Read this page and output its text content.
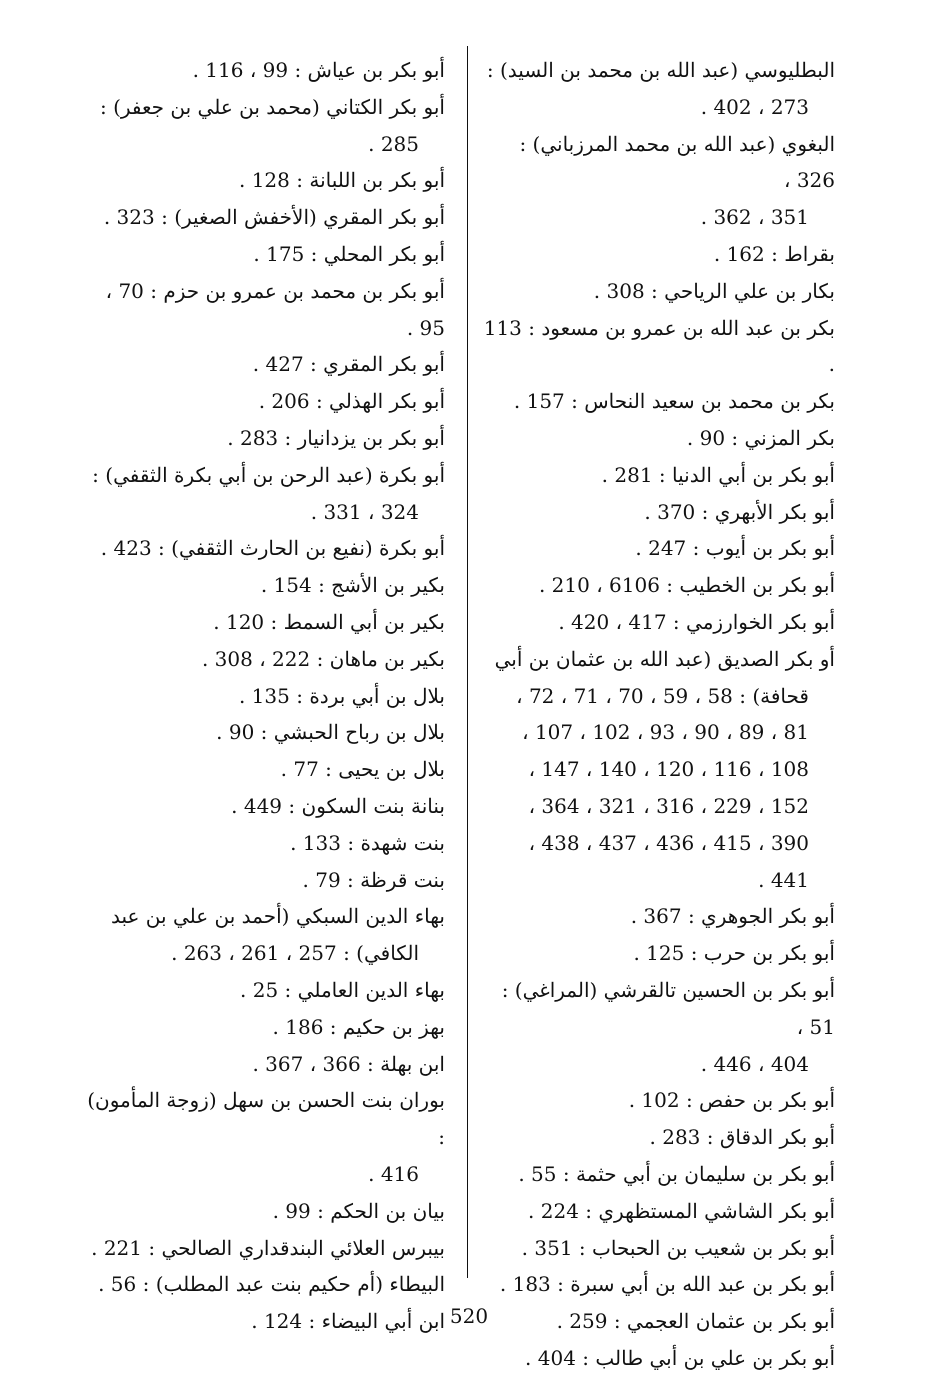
البطليوسي (عبد الله بن محمد بن السيد) :

273 ، 402 .

البغوي (عبد الله بن محمد المرزباني) : 326 ،

351 ، 362 .

بقراط : 162 .

بكار بن علي الرياحي : 308 .

بكر بن عبد الله بن عمرو بن مسعود : 113 .

بكر بن محمد بن سعيد النحاس : 157 .

بكر المزني : 90 .

أبو بكر بن أبي الدنيا : 281 .

أبو بكر الأبهري : 370 .

أبو بكر بن أيوب : 247 .

أبو بكر بن الخطيب : 6106 ، 210 .

أبو بكر الخوارزمي : 417 ، 420 .

أو بكر الصديق (عبد الله بن عثمان بن أبي

قحافة) : 58 ، 59 ، 70 ، 71 ، 72 ،

81 ، 89 ، 90 ، 93 ، 102 ، 107 ،

108 ، 116 ، 120 ، 140 ، 147 ،

152 ، 229 ، 316 ، 321 ، 364 ،

390 ، 415 ، 436 ، 437 ، 438 ،

441 .

أبو بكر الجوهري : 367 .

أبو بكر بن حرب : 125 .

أبو بكر بن الحسين تالقرشي (المراغي) : 51 ،

404 ، 446 .

أبو بكر بن حفص : 102 .

أبو بكر الدقاق : 283 .

أبو بكر بن سليمان بن أبي حثمة : 55 .

أبو بكر الشاشي المستظهري : 224 .

أبو بكر بن شعيب بن الحبحاب : 351 .

أبو بكر بن عبد الله بن أبي سبرة : 183 .

أبو بكر بن عثمان العجمي : 259 .

أبو بكر بن علي بن أبي طالب : 404 .

أبو بكر بن عياش : 99 ، 116 .

أبو بكر الكتاني (محمد بن علي بن جعفر) :

285 .

أبو بكر بن اللبانة : 128 .

أبو بكر المقري (الأخفش الصغير) : 323 .

أبو بكر المحلي : 175 .

أبو بكر بن محمد بن عمرو بن حزم : 70 ، 95 .

أبو بكر المقري : 427 .

أبو بكر الهذلي : 206 .

أبو بكر بن يزدانيار : 283 .

أبو بكرة (عبد الرحن بن أبي بكرة الثقفي) :

324 ، 331 .

أبو بكرة (نفيع بن الحارث الثقفي) : 423 .

بكير بن الأشج : 154 .

بكير بن أبي السمط : 120 .

بكير بن ماهان : 222 ، 308 .

بلال بن أبي بردة : 135 .

بلال بن رباح الحبشي : 90 .

بلال بن يحيى : 77 .

بنانة بنت السكون : 449 .

بنت شهدة : 133 .

بنت قرظة : 79 .

بهاء الدين السبكي (أحمد بن علي بن عبد

الكافي) : 257 ، 261 ، 263 .

بهاء الدين العاملي : 25 .

بهز بن حكيم : 186 .

ابن بهلة : 366 ، 367 .

بوران بنت الحسن بن سهل (زوجة المأمون) :

416 .

بيان بن الحكم : 99 .

بيبرس العلائي البندقداري الصالحي : 221 .

البيطاء (أم حكيم بنت عبد المطلب) : 56 .

ابن أبي البيضاء : 124 . 520
